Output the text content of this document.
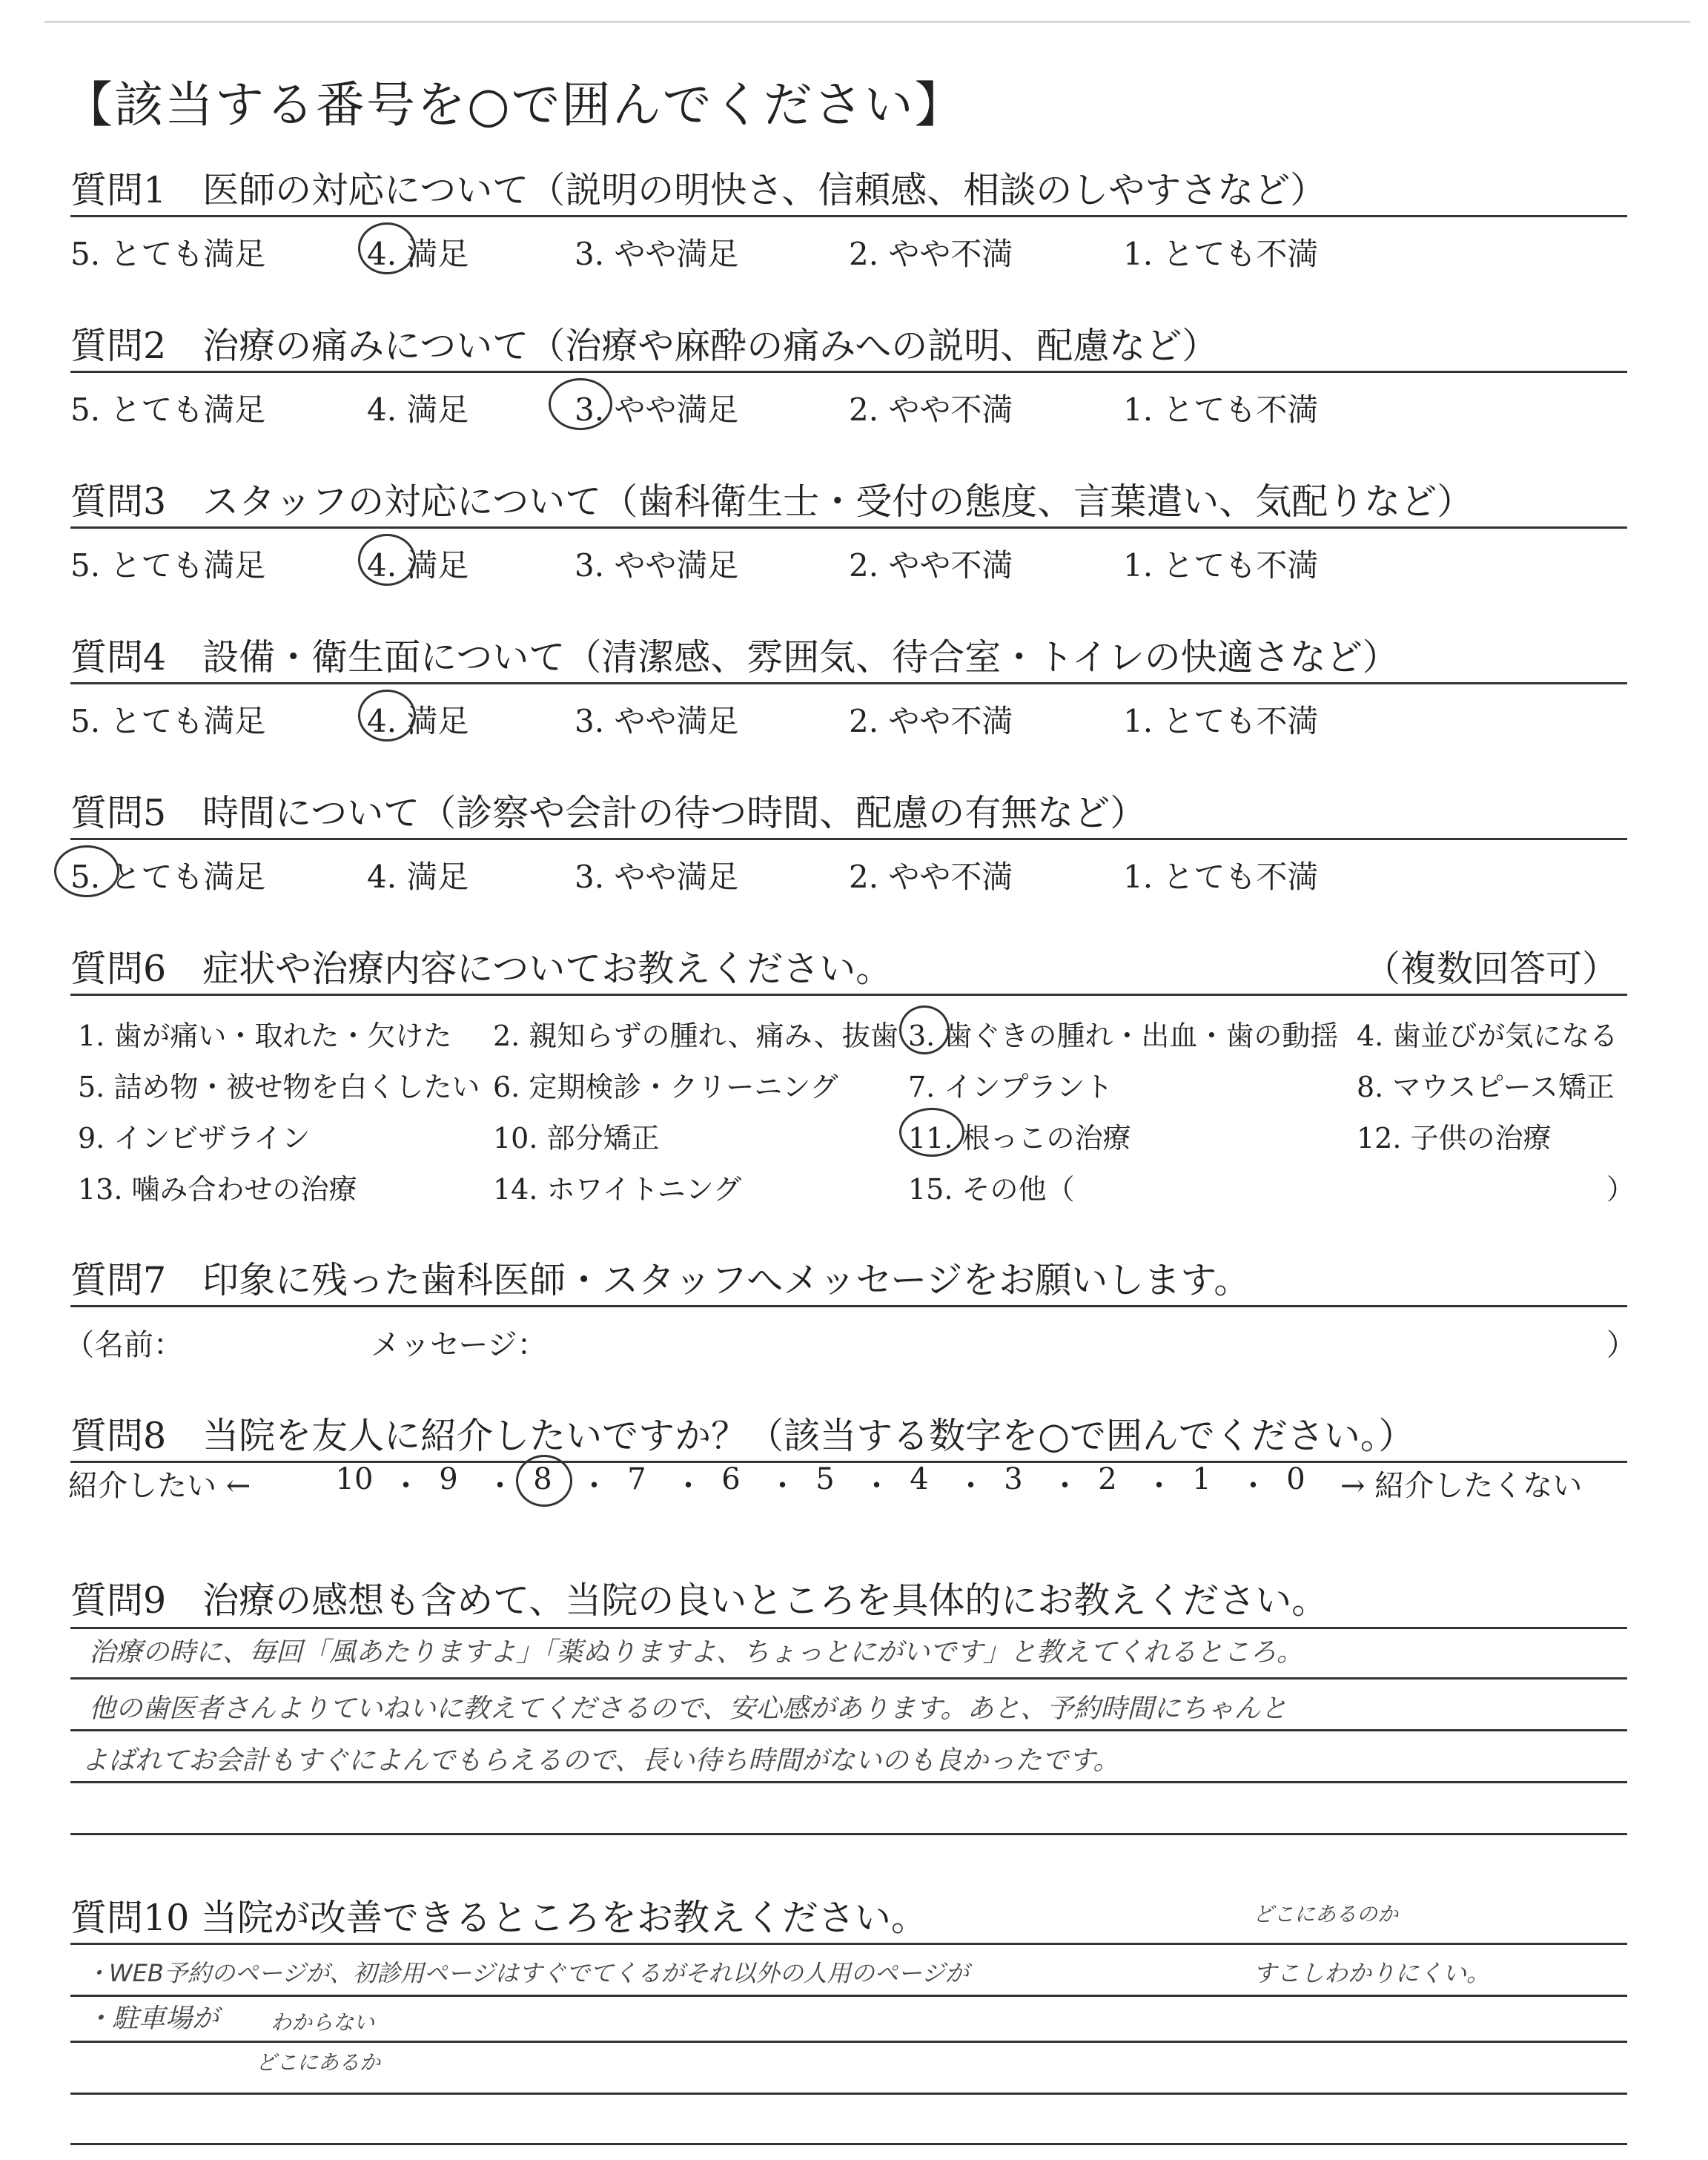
【該当する番号を○で囲んでください】
質問1　医師の対応について（説明の明快さ、信頼感、相談のしやすさなど）
5. とても満足	4. 満足	3. やや満足	2. やや不満	1. とても不満
質問2　治療の痛みについて（治療や麻酔の痛みへの説明、配慮など）
5. とても満足	4. 満足	3. やや満足	2. やや不満	1. とても不満
質問3　スタッフの対応について（歯科衛生士・受付の態度、言葉遣い、気配りなど）
5. とても満足	4. 満足	3. やや満足	2. やや不満	1. とても不満
質問4　設備・衛生面について（清潔感、雰囲気、待合室・トイレの快適さなど）
5. とても満足	4. 満足	3. やや満足	2. やや不満	1. とても不満
質問5　時間について（診察や会計の待つ時間、配慮の有無など）
5. とても満足	4. 満足	3. やや満足	2. やや不満	1. とても不満
質問6　症状や治療内容についてお教えください。	（複数回答可）
1. 歯が痛い・取れた・欠けた 2. 親知らずの腫れ、痛み、抜歯 3. 歯ぐきの腫れ・出血・歯の動揺 4. 歯並びが気になる
5. 詰め物・被せ物を白くしたい 6. 定期検診・クリーニング 7. インプラント	8. マウスピース矯正
9. インビザライン	10. 部分矯正	11. 根っこの治療	12. 子供の治療
13. 噛み合わせの治療	14. ホワイトニング	15. その他（	）
質問7　印象に残った歯科医師・スタッフへメッセージをお願いします。
（名前：	メッセージ：	）
質問8　当院を友人に紹介したいですか？（該当する数字を○で囲んでください。）
紹介したい ←	10 ・ 9 ・ 8 ・ 7 ・ 6 ・ 5 ・ 4 ・ 3 ・ 2 ・ 1 ・ 0	→ 紹介したくない
質問9　治療の感想も含めて、当院の良いところを具体的にお教えください。
治療の時に、毎回「風あたりますよ」「薬ぬりますよ、ちょっとにがいです」と教えてくれるところ。
他の歯医者さんよりていねいに教えてくださるので、安心感があります。あと、予約時間にちゃんと
よばれてお会計もすぐによんでもらえるので、長い待ち時間がないのも良かったです。
質問10 当院が改善できるところをお教えください。	どこにあるのか
・WEB予約のページが、初診用ページはすぐでてくるがそれ以外の人用のページが	すこしわかりにくい。
・駐車場が わからない
どこにあるか
